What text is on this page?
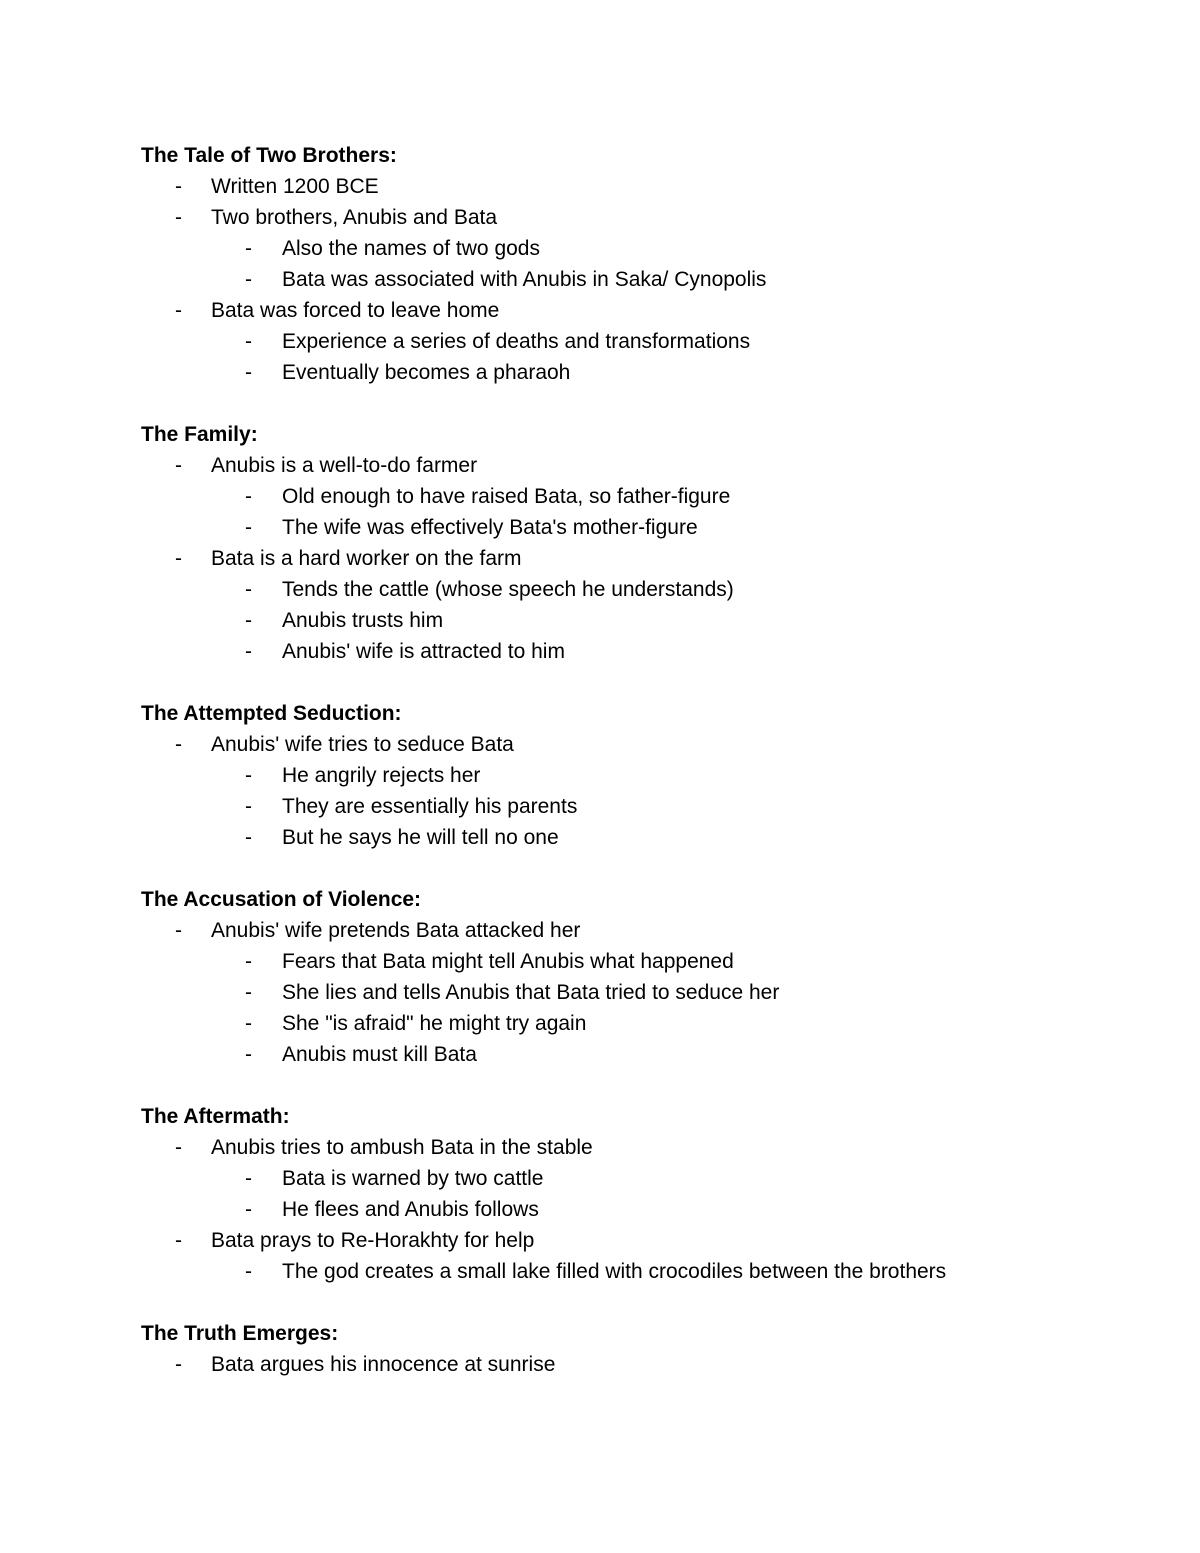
The Tale of Two Brothers:
- Written 1200 BCE
- Two brothers, Anubis and Bata
- Also the names of two gods
- Bata was associated with Anubis in Saka/ Cynopolis
- Bata was forced to leave home
- Experience a series of deaths and transformations
- Eventually becomes a pharaoh
The Family:
- Anubis is a well-to-do farmer
- Old enough to have raised Bata, so father-figure
- The wife was effectively Bata's mother-figure
- Bata is a hard worker on the farm
- Tends the cattle (whose speech he understands)
- Anubis trusts him
- Anubis' wife is attracted to him
The Attempted Seduction:
- Anubis' wife tries to seduce Bata
- He angrily rejects her
- They are essentially his parents
- But he says he will tell no one
The Accusation of Violence:
- Anubis' wife pretends Bata attacked her
- Fears that Bata might tell Anubis what happened
- She lies and tells Anubis that Bata tried to seduce her
- She "is afraid" he might try again
- Anubis must kill Bata
The Aftermath:
- Anubis tries to ambush Bata in the stable
- Bata is warned by two cattle
- He flees and Anubis follows
- Bata prays to Re-Horakhty for help
- The god creates a small lake filled with crocodiles between the brothers
The Truth Emerges:
- Bata argues his innocence at sunrise
